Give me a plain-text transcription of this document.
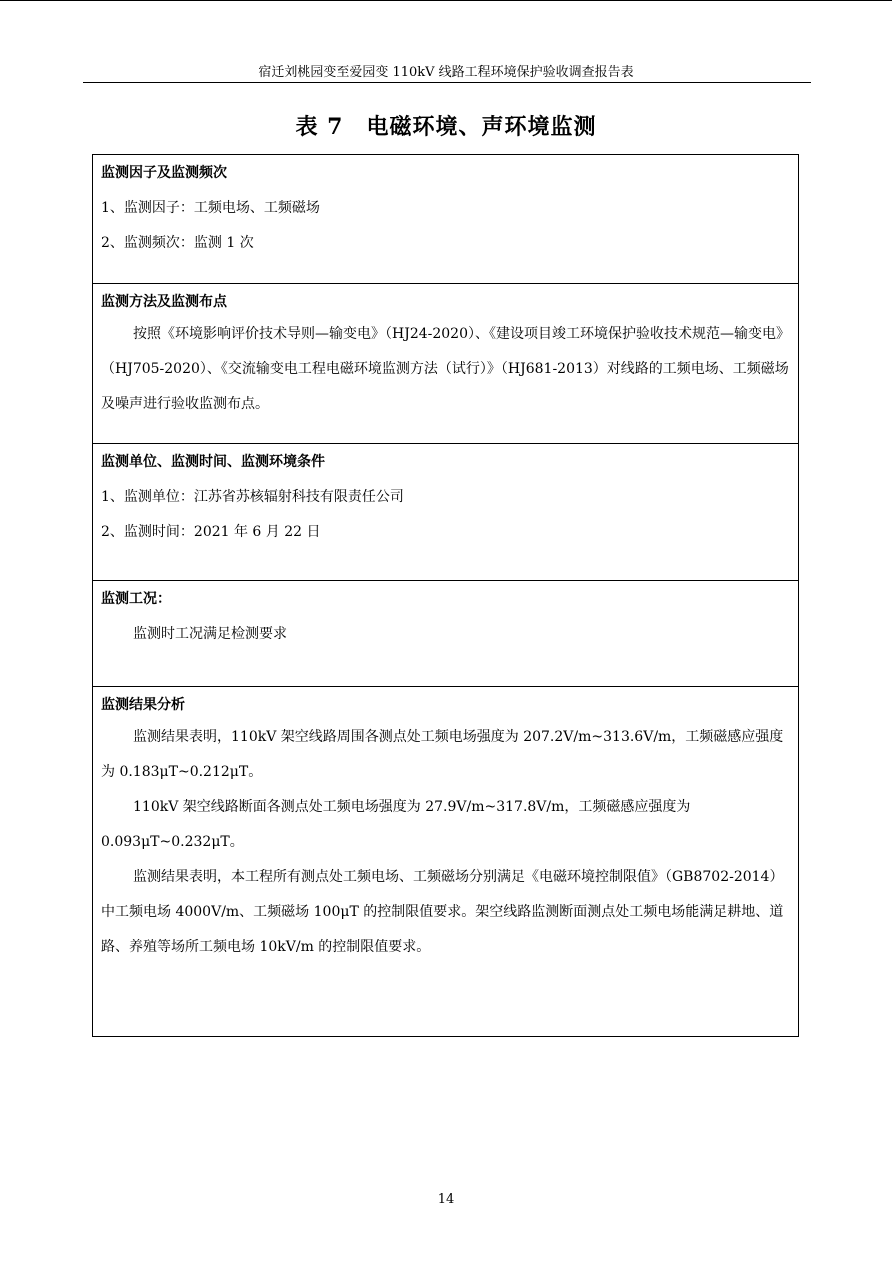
宿迁刘桃园变至爱园变 110kV 线路工程环境保护验收调查报告表
表 7　电磁环境、声环境监测
监测因子及监测频次
1、监测因子：工频电场、工频磁场
2、监测频次：监测 1 次
监测方法及监测布点

按照《环境影响评价技术导则—输变电》（HJ24-2020）、《建设项目竣工环境保护验收技术规范—输变电》（HJ705-2020）、《交流输变电工程电磁环境监测方法（试行）》（HJ681-2013）对线路的工频电场、工频磁场及噪声进行验收监测布点。

监测单位、监测时间、监测环境条件
1、监测单位：江苏省苏核辐射科技有限责任公司
2、监测时间：2021 年 6 月 22 日
监测工况：
监测时工况满足检测要求
监测结果分析

监测结果表明，110kV 架空线路周围各测点处工频电场强度为 207.2V/m~313.6V/m，工频磁感应强度为 0.183μT~0.212μT。

110kV 架空线路断面各测点处工频电场强度为 27.9V/m~317.8V/m，工频磁感应强度为 0.093μT~0.232μT。

监测结果表明，本工程所有测点处工频电场、工频磁场分别满足《电磁环境控制限值》（GB8702-2014）中工频电场 4000V/m、工频磁场 100μT 的控制限值要求。架空线路监测断面测点处工频电场能满足耕地、道路、养殖等场所工频电场 10kV/m 的控制限值要求。

14
